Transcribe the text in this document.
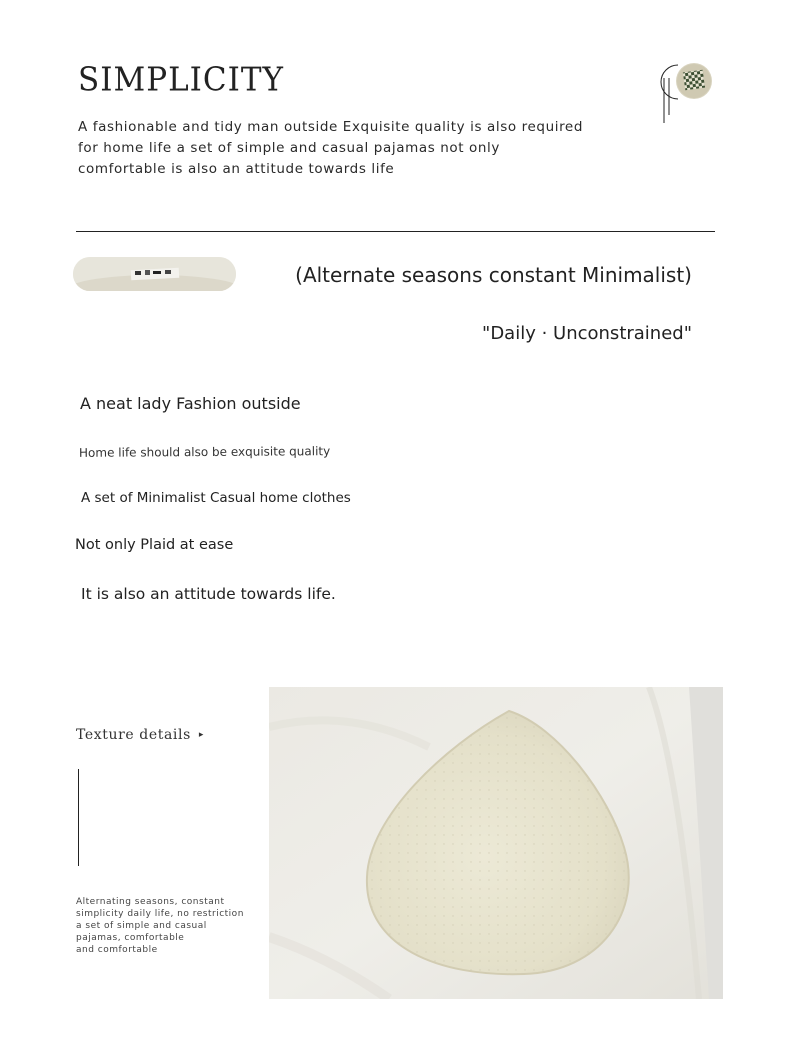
SIMPLICITY
A fashionable and tidy man outside Exquisite quality is also required
for home life a set of simple and casual pajamas not only
comfortable is also an attitude towards life
(Alternate seasons constant Minimalist)
"Daily · Unconstrained"
A neat lady Fashion outside
Home life should also be exquisite quality
A set of Minimalist Casual home clothes
Not only Plaid at ease
It is also an attitude towards life.
Texture details ▸
Alternating seasons, constant
simplicity daily life, no restriction
a set of simple and casual
pajamas, comfortable
and comfortable
